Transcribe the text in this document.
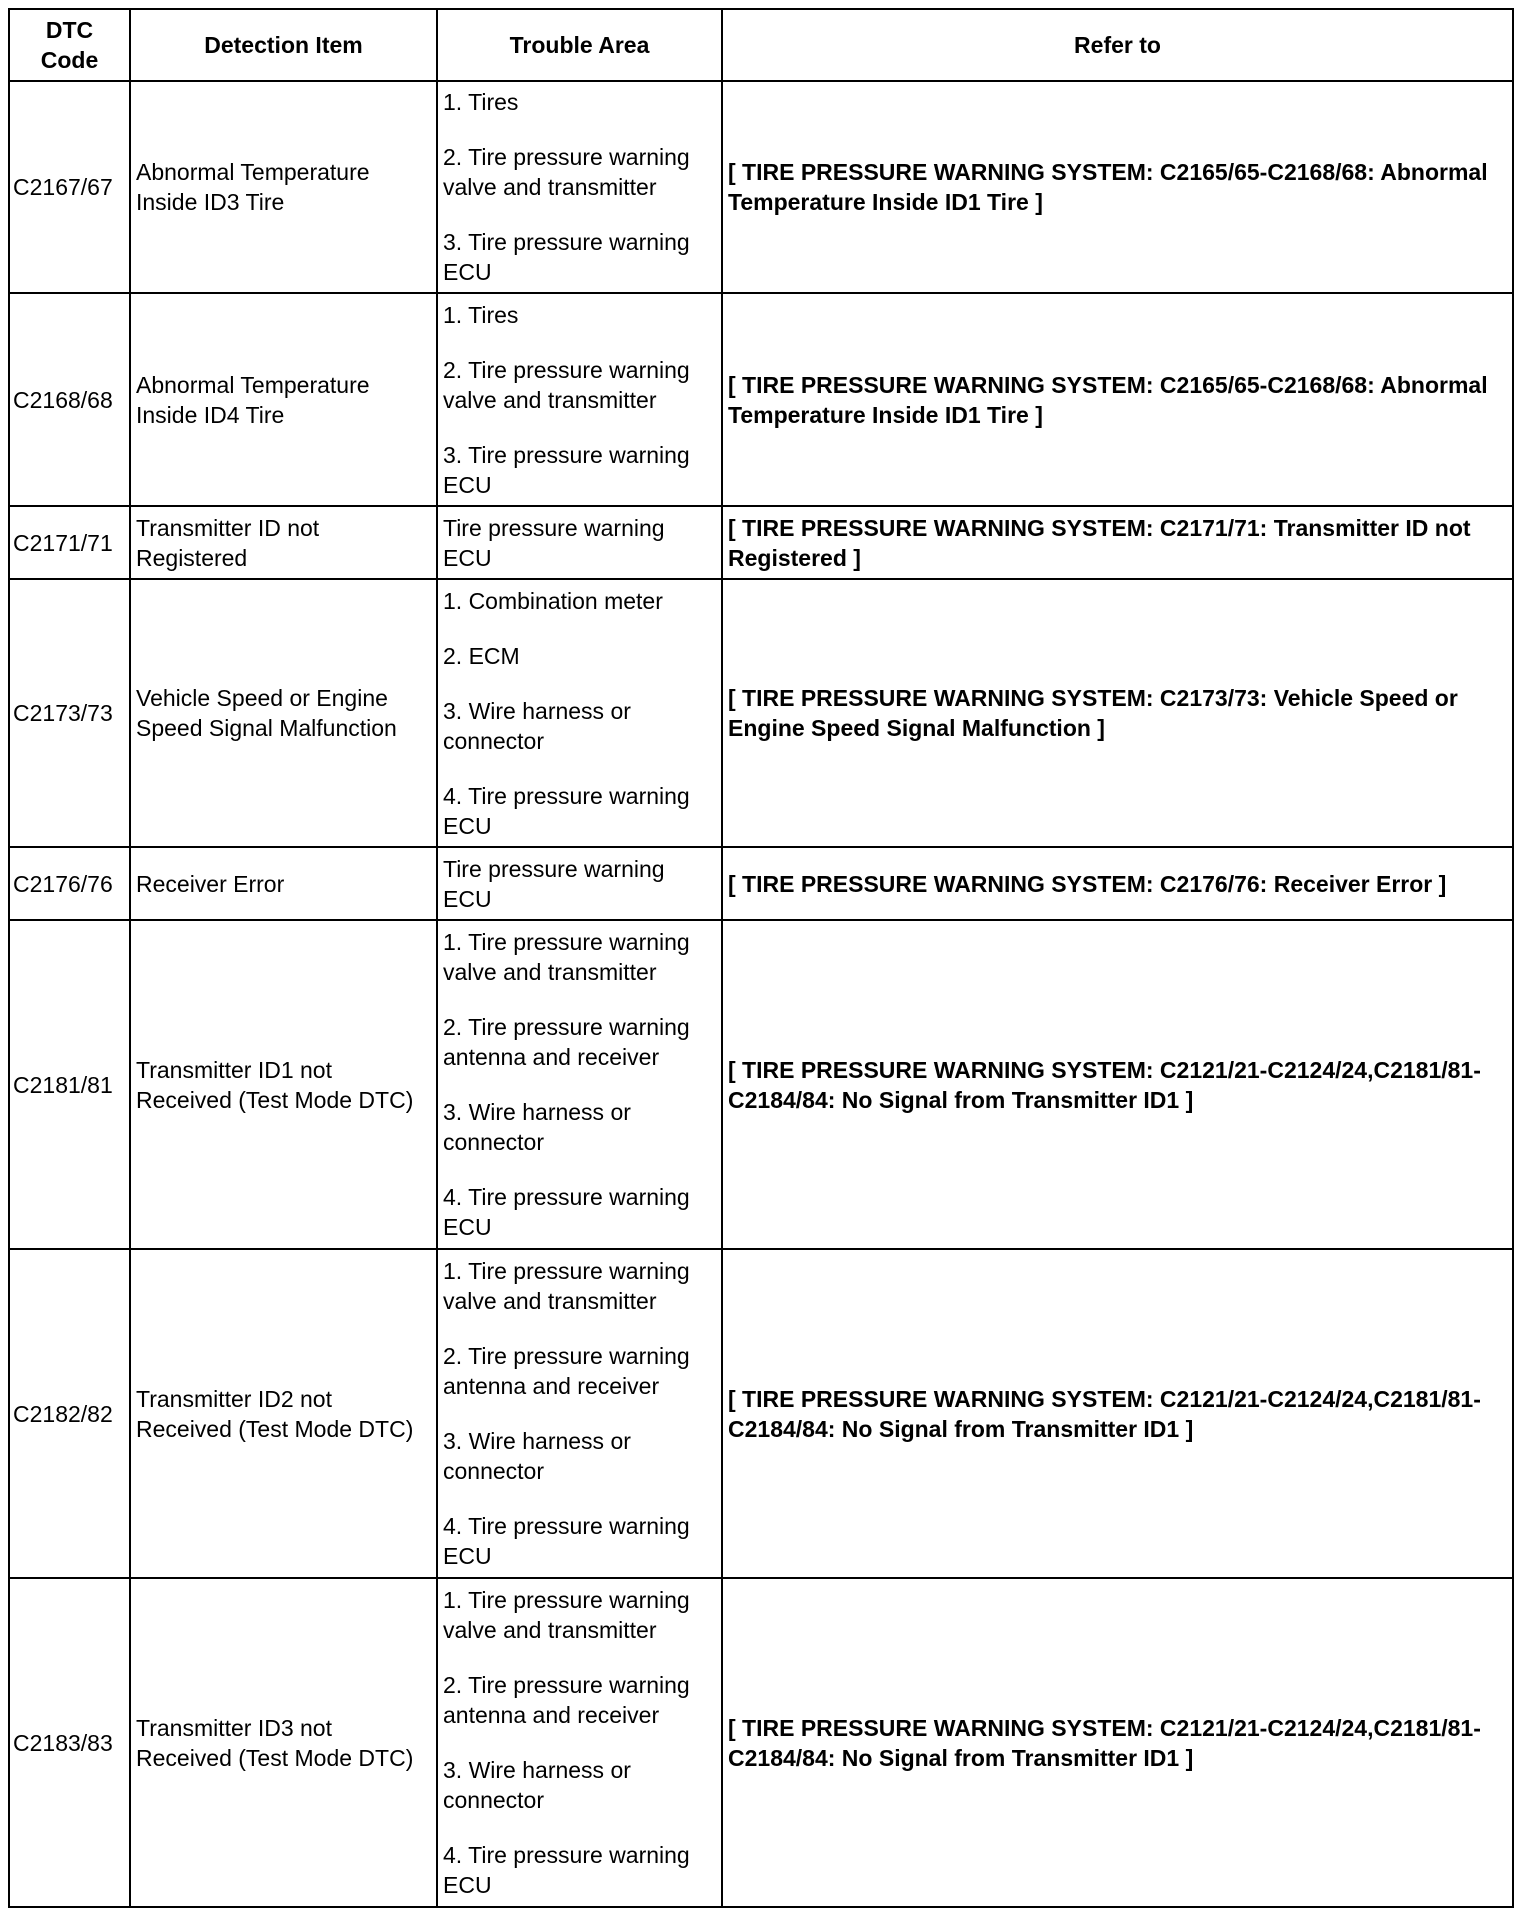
DTC Code	Detection Item	Trouble Area	Refer to
C2167/67	Abnormal Temperature Inside ID3 Tire	1. Tires
2. Tire pressure warning valve and transmitter
3. Tire pressure warning ECU	[ TIRE PRESSURE WARNING SYSTEM: C2165/65-C2168/68: Abnormal Temperature Inside ID1 Tire ]
C2168/68	Abnormal Temperature Inside ID4 Tire	1. Tires
2. Tire pressure warning valve and transmitter
3. Tire pressure warning ECU	[ TIRE PRESSURE WARNING SYSTEM: C2165/65-C2168/68: Abnormal Temperature Inside ID1 Tire ]
C2171/71	Transmitter ID not Registered	Tire pressure warning ECU	[ TIRE PRESSURE WARNING SYSTEM: C2171/71: Transmitter ID not Registered ]
C2173/73	Vehicle Speed or Engine Speed Signal Malfunction	1. Combination meter
2. ECM
3. Wire harness or connector
4. Tire pressure warning ECU	[ TIRE PRESSURE WARNING SYSTEM: C2173/73: Vehicle Speed or Engine Speed Signal Malfunction ]
C2176/76	Receiver Error	Tire pressure warning ECU	[ TIRE PRESSURE WARNING SYSTEM: C2176/76: Receiver Error ]
C2181/81	Transmitter ID1 not Received (Test Mode DTC)	1. Tire pressure warning valve and transmitter
2. Tire pressure warning antenna and receiver
3. Wire harness or connector
4. Tire pressure warning ECU	[ TIRE PRESSURE WARNING SYSTEM: C2121/21-C2124/24,C2181/81-C2184/84: No Signal from Transmitter ID1 ]
C2182/82	Transmitter ID2 not Received (Test Mode DTC)	1. Tire pressure warning valve and transmitter
2. Tire pressure warning antenna and receiver
3. Wire harness or connector
4. Tire pressure warning ECU	[ TIRE PRESSURE WARNING SYSTEM: C2121/21-C2124/24,C2181/81-C2184/84: No Signal from Transmitter ID1 ]
C2183/83	Transmitter ID3 not Received (Test Mode DTC)	1. Tire pressure warning valve and transmitter
2. Tire pressure warning antenna and receiver
3. Wire harness or connector
4. Tire pressure warning ECU	[ TIRE PRESSURE WARNING SYSTEM: C2121/21-C2124/24,C2181/81-C2184/84: No Signal from Transmitter ID1 ]
